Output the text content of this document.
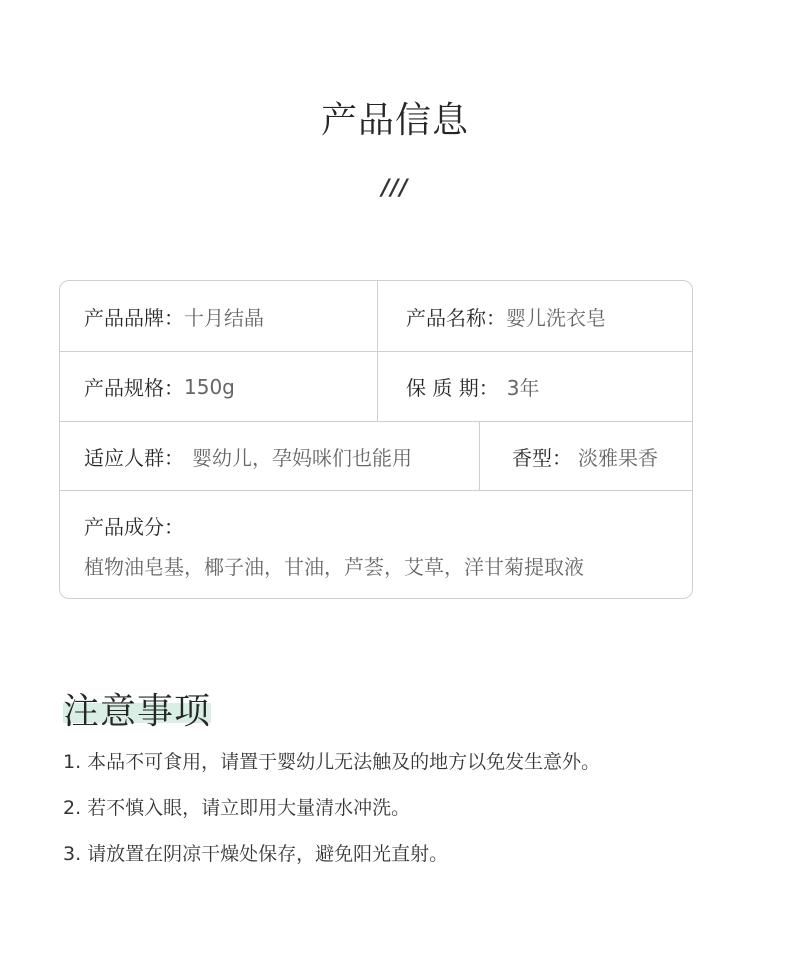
产品信息
///
产品品牌： 十月结晶	产品名称： 婴儿洗衣皂
产品规格： 150g	保 质 期： 3年
适应人群： 婴幼儿，孕妈咪们也能用	香型： 淡雅果香
产品成分：
植物油皂基，椰子油，甘油，芦荟，艾草，洋甘菊提取液
注意事项
1. 本品不可食用，请置于婴幼儿无法触及的地方以免发生意外。
2. 若不慎入眼，请立即用大量清水冲洗。
3. 请放置在阴凉干燥处保存，避免阳光直射。
